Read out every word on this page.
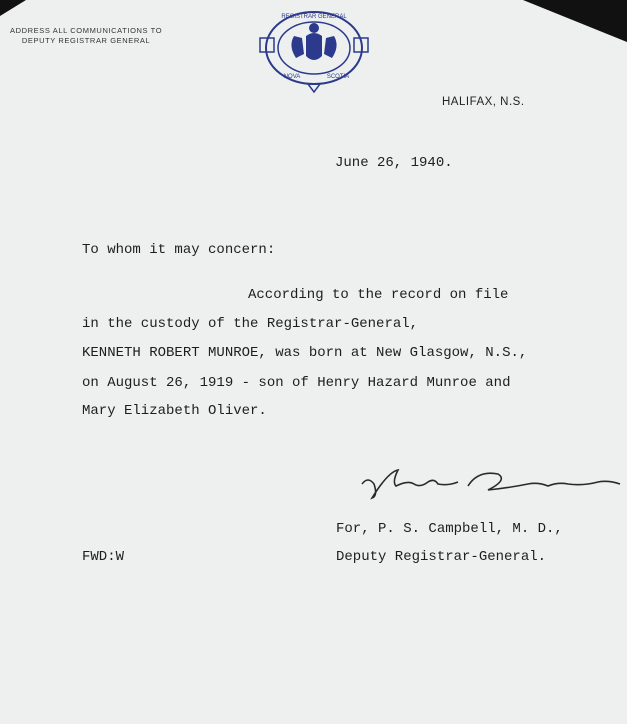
ADDRESS ALL COMMUNICATIONS TO
DEPUTY REGISTRAR GENERAL
REGISTRAR GENERAL
NOVA	SCOTIA
HALIFAX, N.S.
June 26, 1940.
To whom it may concern:
According to the record on file
in the custody of the Registrar-General,
KENNETH ROBERT MUNROE, was born at New Glasgow, N.S.,
on August 26, 1919 - son of Henry Hazard Munroe and
Mary Elizabeth Oliver.
For, P. S. Campbell, M. D.,
Deputy Registrar-General.
FWD:W
